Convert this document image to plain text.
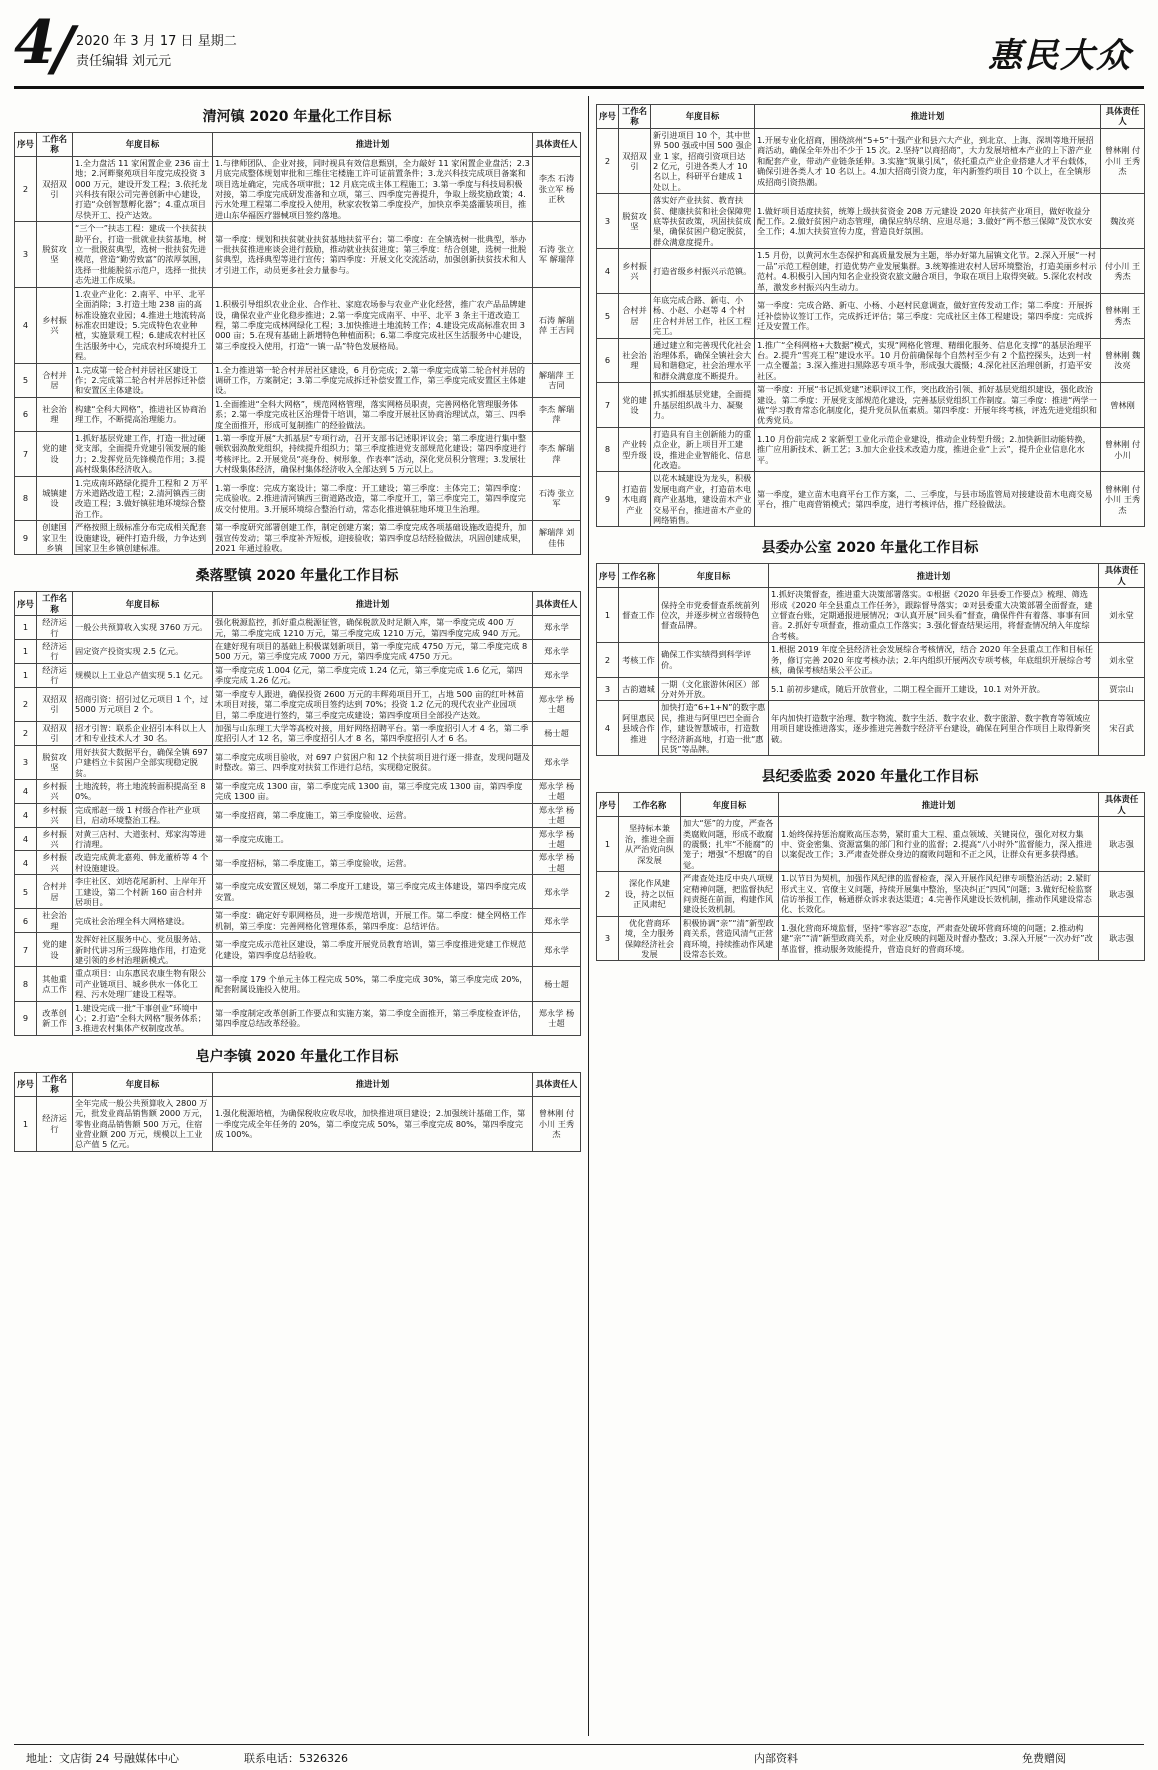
4
/ 2020 年 3 月 17 日 星期二
责任编辑 刘元元	惠民大众
清河镇 2020 年量化工作目标
序号	工作名称	年度目标	推进计划	具体责任人
2	双招双引	1.全力盘活 11 家闲置企业 236 亩土地；2.河畔聚苑项目年度完成投资 3000 万元，建设开发工程；3.依托龙兴科技有限公司完善创新中心建设，打造“众创智慧孵化器”；4.重点项目尽快开工、投产达效。	1.与律师团队、企业对接，同时视具有效信息甄别，全力敲好 11 家闲置企业盘活；2.3 月底完成整体规划审批和三维住宅楼施工许可证前置条件；3.龙兴科技完成项目备案和项目选址确定，完成各项审批；12 月底完成主体工程施工；3.第一季度与科技局积极对接，第二季度完成研发准备和立项，第三、四季度完善提升，争取上级奖励政策；4.污水处理工程第二季度投入使用，秋家农牧第二季度投产，加快京季美盛灌装项目，推进山东华福医疗器械项目签约落地。	李杰 石涛 张立军 杨正秋
3	脱贫攻坚	“三个一”扶志工程：建成一个扶贫扶助平台，打造一批就业扶贫基地，树立一批脱贫典型，选树一批扶贫先进模范，营造“勤劳致富”的浓厚氛围，选择一批能脱贫示范户，选择一批扶志先进工作成果。	第一季度：规划和扶贫就业扶贫基地扶贫平台；第二季度：在全镇选树一批典型，举办一批扶贫推进座谈会进行鼓励，推动就业扶贫进度；第三季度：结合创建，选树一批脱贫典型，选择典型等进行宣传；第四季度：开展文化交流活动，加强创新扶贫技术和人才引进工作，动员更多社会力量参与。	石涛 张立军 解瑞萍
4	乡村振兴	1.农业产业化：2.南平、中平、北平全面消除；3.打造土地 238 亩的高标准设施农业园；4.推进土地流转高标准农田建设；5.完成特色农业种植，实施景观工程；6.建成农村社区生活服务中心，完成农村环境提升工程。	1.积极引导组织农业企业、合作社、家庭农场参与农业产业化经营，推广农产品品牌建设，确保农业产业化稳步推进；2.第一季度完成南平、中平、北平 3 条主干道改造工程，第二季度完成林网绿化工程；3.加快推进土地流转工作；4.建设完成高标准农田 3000 亩；5.在现有基础上新增特色种植面积；6.第二季度完成社区生活服务中心建设，第三季度投入使用，打造“一镇一品”特色发展格局。	石涛 解瑞萍 王吉同
5	合村并居	1.完成第一轮合村并居社区建设工作；2.完成第二轮合村并居拆迁补偿和安置区主体建设。	1.全力推进第一轮合村并居社区建设，6 月份完成；2.第一季度完成第二轮合村并居的调研工作，方案制定；3.第二季度完成拆迁补偿安置工作，第三季度完成安置区主体建设。	解瑞萍 王吉同
6	社会治理	构建“全科大网格”，推进社区协商治理工作，不断提高治理能力。	1.全面推进“全科大网格”，规范网格管理，落实网格员职责，完善网格化管理服务体系；2.第一季度完成社区治理骨干培训，第二季度开展社区协商治理试点，第三、四季度全面推开，形成可复制推广的经验做法。	李杰 解瑞萍
7	党的建设	1.抓好基层党建工作，打造一批过硬党支部，全面提升党建引领发展的能力；2.发挥党员先锋模范作用；3.提高村级集体经济收入。	1.第一季度开展“大抓基层”专项行动，召开支部书记述职评议会；第二季度进行集中整顿软弱涣散党组织，持续提升组织力；第三季度推进党支部规范化建设；第四季度进行考核评比。2.开展党员“亮身份、树形象、作表率”活动，深化党员积分管理；3.发展壮大村级集体经济，确保村集体经济收入全部达到 5 万元以上。	李杰 解瑞萍
8	城镇建设	1.完成南环路绿化提升工程和 2 万平方米道路改造工程；2.清河镇西三街改造工程；3.做好镇驻地环境综合整治工作。	1.第一季度：完成方案设计；第二季度：开工建设；第三季度：主体完工；第四季度：完成验收。2.推进清河镇西三街道路改造，第二季度开工，第三季度完工，第四季度完成交付使用。3.开展环境综合整治行动，常态化推进镇驻地环境卫生治理。	石涛 张立军
9	创建国家卫生乡镇	严格按照上级标准分布完成相关配套设施建设，硬件打造升级，力争达到国家卫生乡镇创建标准。	第一季度研究部署创建工作，制定创建方案；第二季度完成各项基础设施改造提升，加强宣传发动；第三季度补齐短板，迎接验收；第四季度总结经验做法，巩固创建成果，2021 年通过验收。	解瑞萍 刘佳伟
桑落墅镇 2020 年量化工作目标
序号	工作名称	年度目标	推进计划	具体责任人
1	经济运行	一般公共预算收入实现 3760 万元。	强化税源监控，抓好重点税源征管，确保税款及时足额入库，第一季度完成 400 万元，第二季度完成 1210 万元，第三季度完成 1210 万元，第四季度完成 940 万元。	郑永学
1	经济运行	固定资产投资实现 2.5 亿元。	在建好现有项目的基础上积极谋划新项目，第一季度完成 4750 万元，第二季度完成 8500 万元，第三季度完成 7000 万元，第四季度完成 4750 万元。	郑永学
1	经济运行	规模以上工业总产值实现 5.1 亿元。	第一季度完成 1.004 亿元，第二季度完成 1.24 亿元，第三季度完成 1.6 亿元，第四季度完成 1.26 亿元。	郑永学
2	双招双引	招商引资：招引过亿元项目 1 个，过 5000 万元项目 2 个。	第一季度专人跟进，确保投资 2600 万元的丰辉苑项目开工，占地 500 亩的红叶林苗木项目对接，第二季度完成项目签约达到 70%；投资 1.2 亿元的现代农业产业园项目，第二季度进行签约，第三季度完成建设；第四季度项目全部投产达效。	郑永学 杨士超
2	双招双引	招才引智：联系企业招引本科以上人才和专业技术人才 30 名。	加强与山东理工大学等高校对接，用好网络招聘平台。第一季度招引人才 4 名，第二季度招引人才 12 名，第三季度招引人才 8 名，第四季度招引人才 6 名。	杨士超
3	脱贫攻坚	用好扶贫大数据平台，确保全镇 697 户建档立卡贫困户全部实现稳定脱贫。	第二季度完成项目验收，对 697 户贫困户和 12 个扶贫项目进行逐一排查，发现问题及时整改。第三、四季度对扶贫工作进行总结，实现稳定脱贫。	郑永学
4	乡村振兴	土地流转，将土地流转面积提高至 80%。	第一季度完成 1300 亩，第二季度完成 1300 亩，第三季度完成 1300 亩，第四季度完成 1300 亩。	郑永学 杨士超
4	乡村振兴	完成邢赵一级 1 村级合作社产业项目，启动环境整治工程。	第一季度招商，第二季度施工，第三季度验收、运营。	郑永学 杨士超
4	乡村振兴	对黄三店村、大道张村、郑家沟等进行清理。	第一季度完成施工。	郑永学 杨士超
4	乡村振兴	改造完成黄北嘉苑、韩龙董桥等 4 个村设施建设。	第一季度招标，第二季度施工，第三季度验收，运营。	郑永学 杨士超
5	合村并居	李庄社区、刘培花尾新村、上岸年开工建设，第二个村新 160 亩合村并居项目。	第一季度完成安置区规划，第二季度开工建设，第三季度完成主体建设，第四季度完成安置。	郑永学
6	社会治理	完成社会治理全科大网格建设。	第一季度：确定好专职网格员，进一步规范培训，开展工作。第二季度：健全网格工作机制，第三季度：完善网格化管理体系，第四季度：总结评估。	郑永学
7	党的建设	发挥好社区服务中心、党员服务站、新时代讲习所三级阵地作用，打造党建引领的乡村治理新模式。	第一季度完成示范社区建设，第二季度开展党员教育培训，第三季度推进党建工作规范化建设，第四季度总结验收。	郑永学
8	其他重点工作	重点项目：山东惠民农康生物有限公司产业链项目、城乡供水一体化工程、污水处理厂建设工程等。	第一季度 179 个单元主体工程完成 50%，第二季度完成 30%，第三季度完成 20%，配套附属设施投入使用。	杨士超
9	改革创新工作	1.建设完成一批“干事创业”环境中心；2.打造“全科大网格”服务体系；3.推进农村集体产权制度改革。	第一季度制定改革创新工作要点和实施方案，第二季度全面推开，第三季度检查评估，第四季度总结改革经验。	郑永学 杨士超
皂户李镇 2020 年量化工作目标
序号	工作名称	年度目标	推进计划	具体责任人
1	经济运行	全年完成一般公共预算收入 2800 万元，批发业商品销售额 2000 万元，零售业商品销售额 500 万元，住宿业营业额 200 万元，规模以上工业总产值 5 亿元。	1.强化税源培植，为确保税收应收尽收，加快推进项目建设；2.加强统计基础工作，第一季度完成全年任务的 20%，第二季度完成 50%，第三季度完成 80%，第四季度完成 100%。	曾林刚 付小川 王秀杰
序号	工作名称	年度目标	推进计划	具体责任人
2	双招双引	新引进项目 10 个，其中世界 500 强或中国 500 强企业 1 家，招商引资项目达 2 亿元，引进各类人才 10 名以上，科研平台建成 1 处以上。	1.开展专业化招商，围绕滨州“5+5”十强产业和县六大产业，到北京、上海、深圳等地开展招商活动，确保全年外出不少于 15 次。2.坚持“以商招商”，大力发展培植本产业的上下游产业和配套产业，带动产业链条延伸。3.实施“筑巢引凤”，依托重点产业企业搭建人才平台载体，确保引进各类人才 10 名以上。4.加大招商引资力度，年内新签约项目 10 个以上，在全镇形成招商引资热潮。	曾林刚 付小川 王秀杰
3	脱贫攻坚	落实好产业扶贫、教育扶贫、健康扶贫和社会保障兜底等扶贫政策，巩固扶贫成果，确保贫困户稳定脱贫，群众满意度提升。	1.做好项目适度扶贫，统筹上级扶贫资金 208 万元建设 2020 年扶贫产业项目，做好收益分配工作。2.做好贫困户动态管理，确保应纳尽纳、应退尽退；3.做好“两不愁三保障”及饮水安全工作；4.加大扶贫宣传力度，营造良好氛围。	魏汝亮
4	乡村振兴	打造省级乡村振兴示范镇。	1.5 月份，以黄河水生态保护和高质量发展为主题，举办好第九届镇文化节。2.深入开展“一村一品”示范工程创建，打造优势产业发展集群。3.统筹推进农村人居环境整治，打造美丽乡村示范村。4.积极引入国内知名企业投资农旅文融合项目，争取在项目上取得突破。5.深化农村改革，激发乡村振兴内生动力。	付小川 王秀杰
5	合村并居	年底完成合路、新屯、小杨、小赵、小赵等 4 个村庄合村并居工作，社区工程完工。	第一季度：完成合路、新屯、小杨、小赵村民意调查，做好宣传发动工作；第二季度：开展拆迁补偿协议签订工作，完成拆迁评估；第三季度：完成社区主体工程建设；第四季度：完成拆迁及安置工作。	曾林刚 王秀杰
6	社会治理	通过建立和完善现代化社会治理体系，确保全镇社会大局和谐稳定，社会治理水平和群众满意度不断提升。	1.推广“全科网格+大数据”模式，实现“网格化管理、精细化服务、信息化支撑”的基层治理平台。2.提升“雪亮工程”建设水平。10 月份前确保每个自然村至少有 2 个监控探头，达到一村一点全覆盖；3.深入推进扫黑除恶专项斗争，形成强大震慑；4.深化社区治理创新，打造平安社区。	曾林刚 魏汝亮
7	党的建设	抓实抓细基层党建，全面提升基层组织战斗力、凝聚力。	第一季度：开展“书记抓党建”述职评议工作，突出政治引领、抓好基层党组织建设，强化政治建设。第二季度：开展党支部规范化建设，完善基层党组织工作制度。第三季度：推进“两学一做”学习教育常态化制度化，提升党员队伍素质。第四季度：开展年终考核，评选先进党组织和优秀党员。	曾林刚
8	产业转型升级	打造具有自主创新能力的重点企业，新上项目开工建设，推进企业智能化、信息化改造。	1.10 月份前完成 2 家新型工业化示范企业建设，推动企业转型升级；2.加快新旧动能转换，推广应用新技术、新工艺；3.加大企业技术改造力度，推进企业“上云”，提升企业信息化水平。	曾林刚 付小川
9	打造苗木电商产业	以花木城建设为龙头，积极发展电商产业，打造苗木电商产业基地，建设苗木产业交易平台，推进苗木产业的网络销售。	第一季度，建立苗木电商平台工作方案，二、三季度，与县市场监管局对接建设苗木电商交易平台，推广电商营销模式；第四季度，进行考核评估，推广经验做法。	曾林刚 付小川 王秀杰
县委办公室 2020 年量化工作目标
序号	工作名称	年度目标	推进计划	具体责任人
1	督查工作	保持全市党委督查系统前列位次，并逐步树立省级特色督查品牌。	1.抓好决策督查，推进重大决策部署落实。①根据《2020 年县委工作要点》梳理、筛选形成《2020 年全县重点工作任务》，跟踪督导落实；②对县委重大决策部署全面督查，建立督查台账，定期通报进展情况；③认真开展“回头看”督查，确保件件有着落、事事有回音。2.抓好专项督查，推动重点工作落实；3.强化督查结果运用，将督查情况纳入年度综合考核。	刘永堂
2	考核工作	确保工作实绩得到科学评价。	1.根据 2019 年度全县经济社会发展综合考核情况，结合 2020 年全县重点工作和目标任务，修订完善 2020 年度考核办法；2.年内组织开展两次专项考核，年底组织开展综合考核，确保考核结果公平公正。	刘永堂
3	古韵遗城	一期（文化旅游休闲区）部分对外开放。	5.1 前初步建成，随后开放营业，二期工程全面开工建设，10.1 对外开放。	贾宗山
4	阿里惠民县域合作推进	加快打造“6+1+N”的数字惠民，推进与阿里巴巴全面合作，建设智慧城市，打造数字经济新高地，打造一批“惠民货”等品牌。	年内加快打造数字治理、数字物流、数字生活、数字农业、数字旅游、数字教育等领域应用项目建设推进落实，逐步推进完善数字经济平台建设，确保在阿里合作项目上取得新突破。	宋召武
县纪委监委 2020 年量化工作目标
序号	工作名称	年度目标	推进计划	具体责任人
1	坚持标本兼治，推进全面从严治党向纵深发展	加大“惩”的力度，严查各类腐败问题，形成不敢腐的震慑；扎牢“不能腐”的笼子；增强“不想腐”的自觉。	1.始终保持惩治腐败高压态势，紧盯重大工程、重点领域、关键岗位，强化对权力集中、资金密集、资源富集的部门和行业的监督；2.提高“八小时外”监督能力，深入推进以案促改工作；3.严肃查处群众身边的腐败问题和不正之风，让群众有更多获得感。	耿志强
2	深化作风建设，持之以恒正风肃纪	严肃查处违反中央八项规定精神问题，把监督执纪问责挺在前面，构建作风建设长效机制。	1.以节日为契机，加强作风纪律的监督检查，深入开展作风纪律专项整治活动；2.紧盯形式主义、官僚主义问题，持续开展集中整治，坚决纠正“四风”问题；3.做好纪检监察信访举报工作，畅通群众诉求表达渠道；4.完善作风建设长效机制，推动作风建设常态化、长效化。	耿志强
3	优化营商环境，全力服务保障经济社会发展	积极协调“亲”“清”新型政商关系，营造风清气正营商环境，持续推动作风建设常态长效。	1.强化营商环境监督，坚持“零容忍”态度，严肃查处破坏营商环境的问题；2.推动构建“亲”“清”新型政商关系，对企业反映的问题及时督办整改；3.深入开展“一次办好”改革监督，推动服务效能提升，营造良好的营商环境。	耿志强
地址：文店街 24 号融媒体中心	联系电话：5326326	内部资料	免费赠阅
